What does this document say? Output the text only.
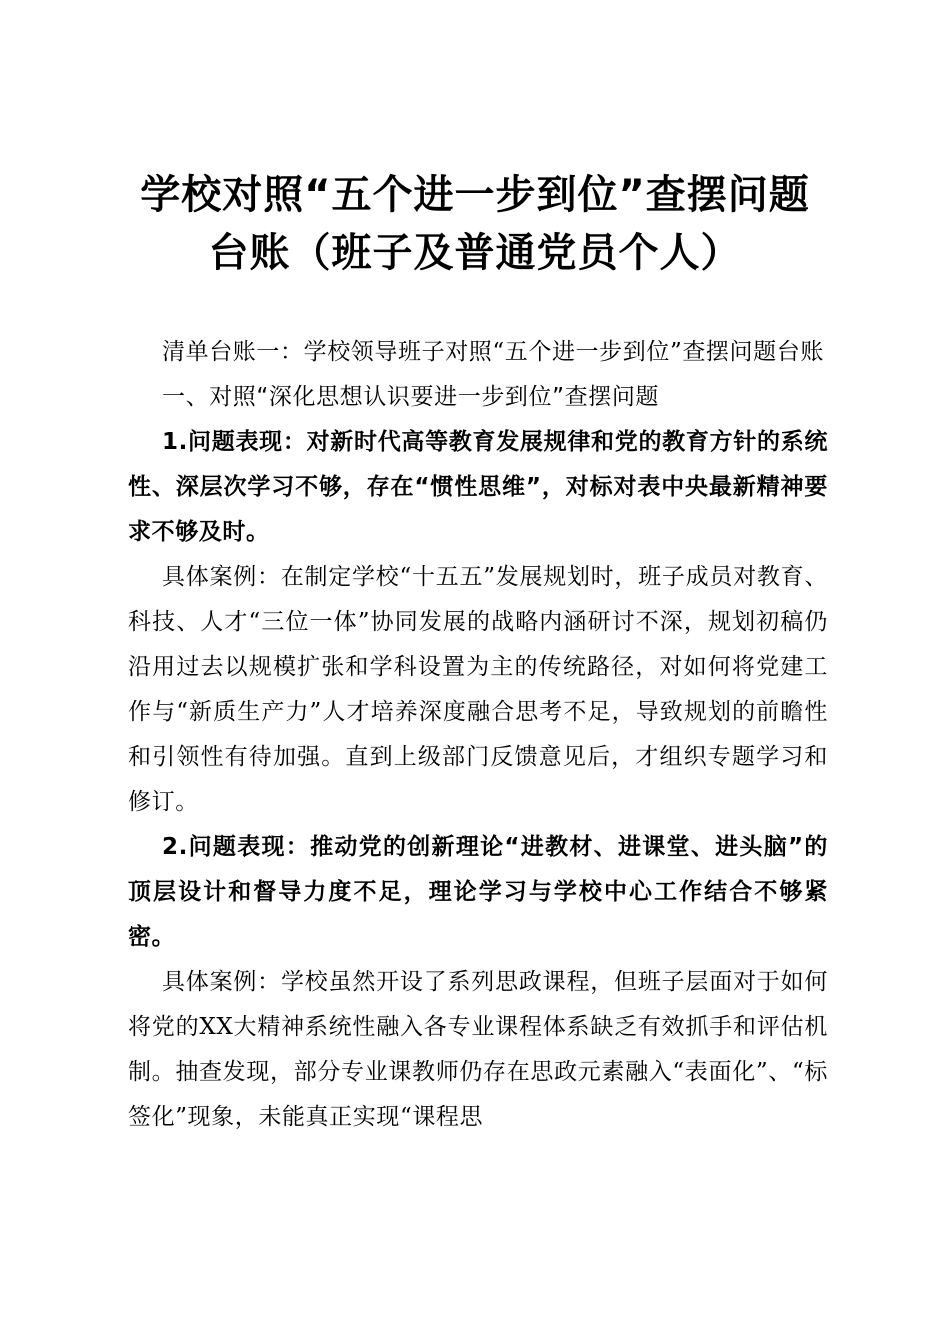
学校对照“五个进一步到位”查摆问题
台账（班子及普通党员个人）

清单台账一：学校领导班子对照“五个进一步到位”查摆问题台账

一、对照“深化思想认识要进一步到位”查摆问题

1.问题表现：对新时代高等教育发展规律和党的教育方针的系统性、深层次学习不够，存在“惯性思维”，对标对表中央最新精神要求不够及时。

具体案例：在制定学校“十五五”发展规划时，班子成员对教育、科技、人才“三位一体”协同发展的战略内涵研讨不深，规划初稿仍沿用过去以规模扩张和学科设置为主的传统路径，对如何将党建工作与“新质生产力”人才培养深度融合思考不足，导致规划的前瞻性和引领性有待加强。直到上级部门反馈意见后，才组织专题学习和修订。

2.问题表现：推动党的创新理论“进教材、进课堂、进头脑”的顶层设计和督导力度不足，理论学习与学校中心工作结合不够紧密。

具体案例：学校虽然开设了系列思政课程，但班子层面对于如何将党的XX大精神系统性融入各专业课程体系缺乏有效抓手和评估机制。抽查发现，部分专业课教师仍存在思政元素融入“表面化”、“标签化”现象，未能真正实现“课程思
